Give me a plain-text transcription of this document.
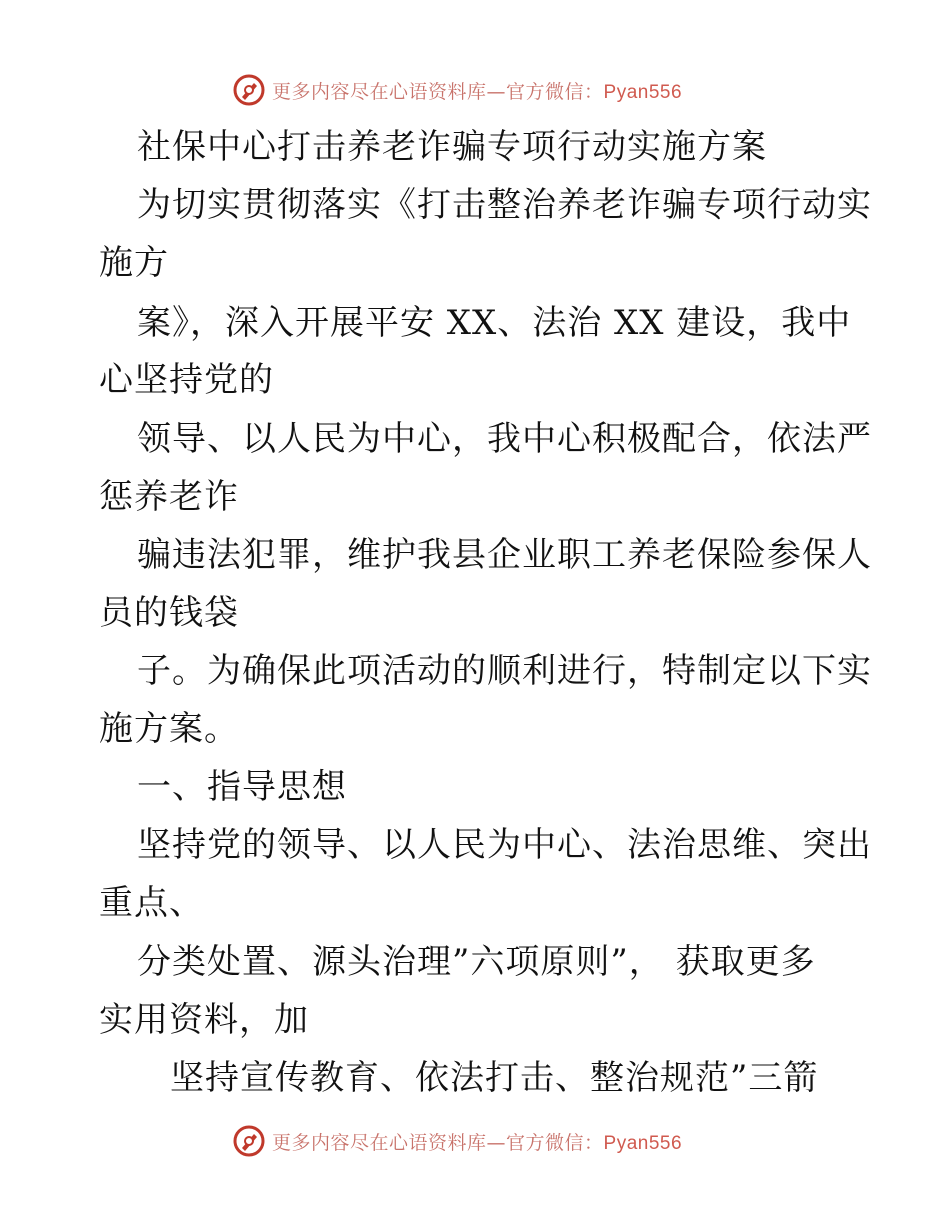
更多内容尽在心语资料库—官方微信：Pyan556
社保中心打击养老诈骗专项行动实施方案
为切实贯彻落实《打击整治养老诈骗专项行动实
施方
案》，深入开展平安 XX、法治 XX 建设，我中
心坚持党的
领导、以人民为中心，我中心积极配合，依法严
惩养老诈
骗违法犯罪，维护我县企业职工养老保险参保人
员的钱袋
子。为确保此项活动的顺利进行，特制定以下实
施方案。
一、指导思想
坚持党的领导、以人民为中心、法治思维、突出
重点、
分类处置、源头治理”六项原则”， 获取更多
实用资料，加
坚持宣传教育、依法打击、整治规范”三箭
更多内容尽在心语资料库—官方微信：Pyan556
